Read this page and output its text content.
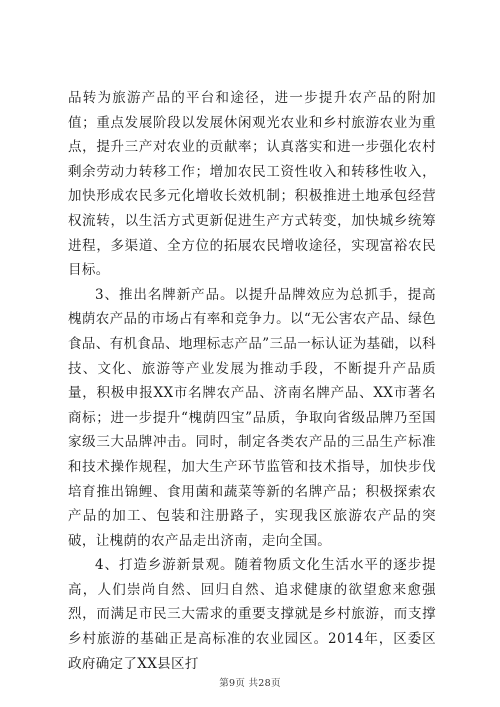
品转为旅游产品的平台和途径，进一步提升农产品的附加值；重点发展阶段以发展休闲观光农业和乡村旅游农业为重点，提升三产对农业的贡献率；认真落实和进一步强化农村剩余劳动力转移工作；增加农民工资性收入和转移性收入，加快形成农民多元化增收长效机制；积极推进土地承包经营权流转，以生活方式更新促进生产方式转变，加快城乡统筹进程，多渠道、全方位的拓展农民增收途径，实现富裕农民目标。

3、推出名牌新产品。以提升品牌效应为总抓手，提高槐荫农产品的市场占有率和竞争力。以“无公害农产品、绿色食品、有机食品、地理标志产品”三品一标认证为基础，以科技、文化、旅游等产业发展为推动手段，不断提升产品质量，积极申报XX市名牌农产品、济南名牌产品、XX市著名商标；进一步提升“槐荫四宝”品质，争取向省级品牌乃至国家级三大品牌冲击。同时，制定各类农产品的三品生产标准和技术操作规程，加大生产环节监管和技术指导，加快步伐培育推出锦鲤、食用菌和蔬菜等新的名牌产品；积极探索农产品的加工、包装和注册路子，实现我区旅游农产品的突破，让槐荫的农产品走出济南，走向全国。

4、打造乡游新景观。随着物质文化生活水平的逐步提高，人们崇尚自然、回归自然、追求健康的欲望愈来愈强烈，而满足市民三大需求的重要支撑就是乡村旅游，而支撑乡村旅游的基础正是高标准的农业园区。2014年，区委区政府确定了XX县区打

第9页 共28页
